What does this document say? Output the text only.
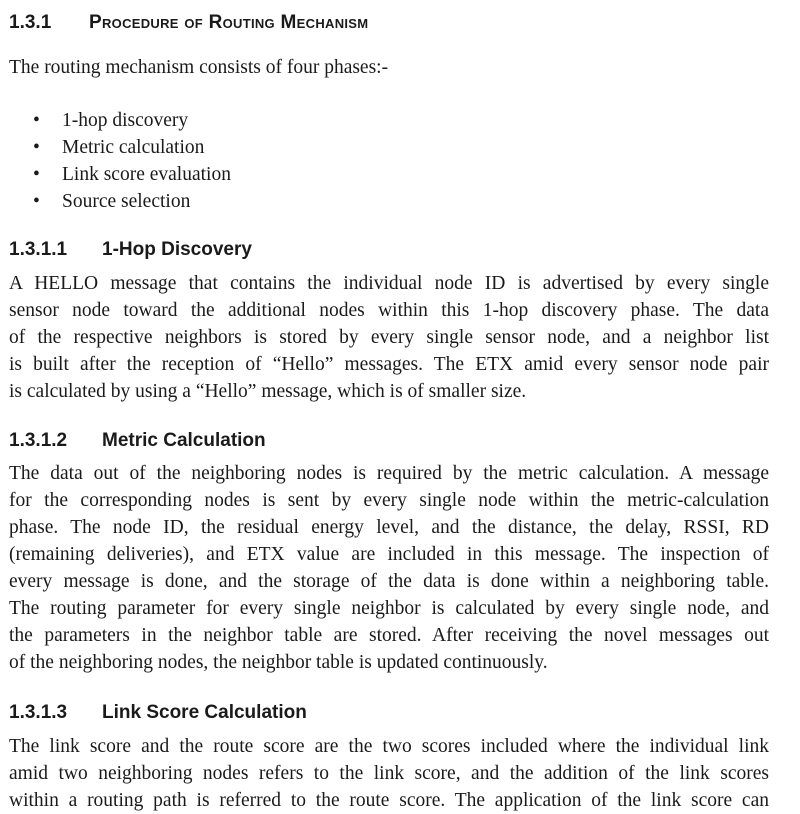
1.3.1 Procedure of Routing Mechanism

The routing mechanism consists of four phases:-

• 1-hop discovery
• Metric calculation
• Link score evaluation
• Source selection
1.3.1.1 1-Hop Discovery

A HELLO message that contains the individual node ID is advertised by every single
sensor node toward the additional nodes within this 1-hop discovery phase. The data
of the respective neighbors is stored by every single sensor node, and a neighbor list
is built after the reception of “Hello” messages. The ETX amid every sensor node pair
is calculated by using a “Hello” message, which is of smaller size.

1.3.1.2 Metric Calculation

The data out of the neighboring nodes is required by the metric calculation. A message
for the corresponding nodes is sent by every single node within the metric-calculation
phase. The node ID, the residual energy level, and the distance, the delay, RSSI, RD
(remaining deliveries), and ETX value are included in this message. The inspection of
every message is done, and the storage of the data is done within a neighboring table.
The routing parameter for every single neighbor is calculated by every single node, and
the parameters in the neighbor table are stored. After receiving the novel messages out
of the neighboring nodes, the neighbor table is updated continuously.

1.3.1.3 Link Score Calculation

The link score and the route score are the two scores included where the individual link
amid two neighboring nodes refers to the link score, and the addition of the link scores
within a routing path is referred to the route score. The application of the link score can
